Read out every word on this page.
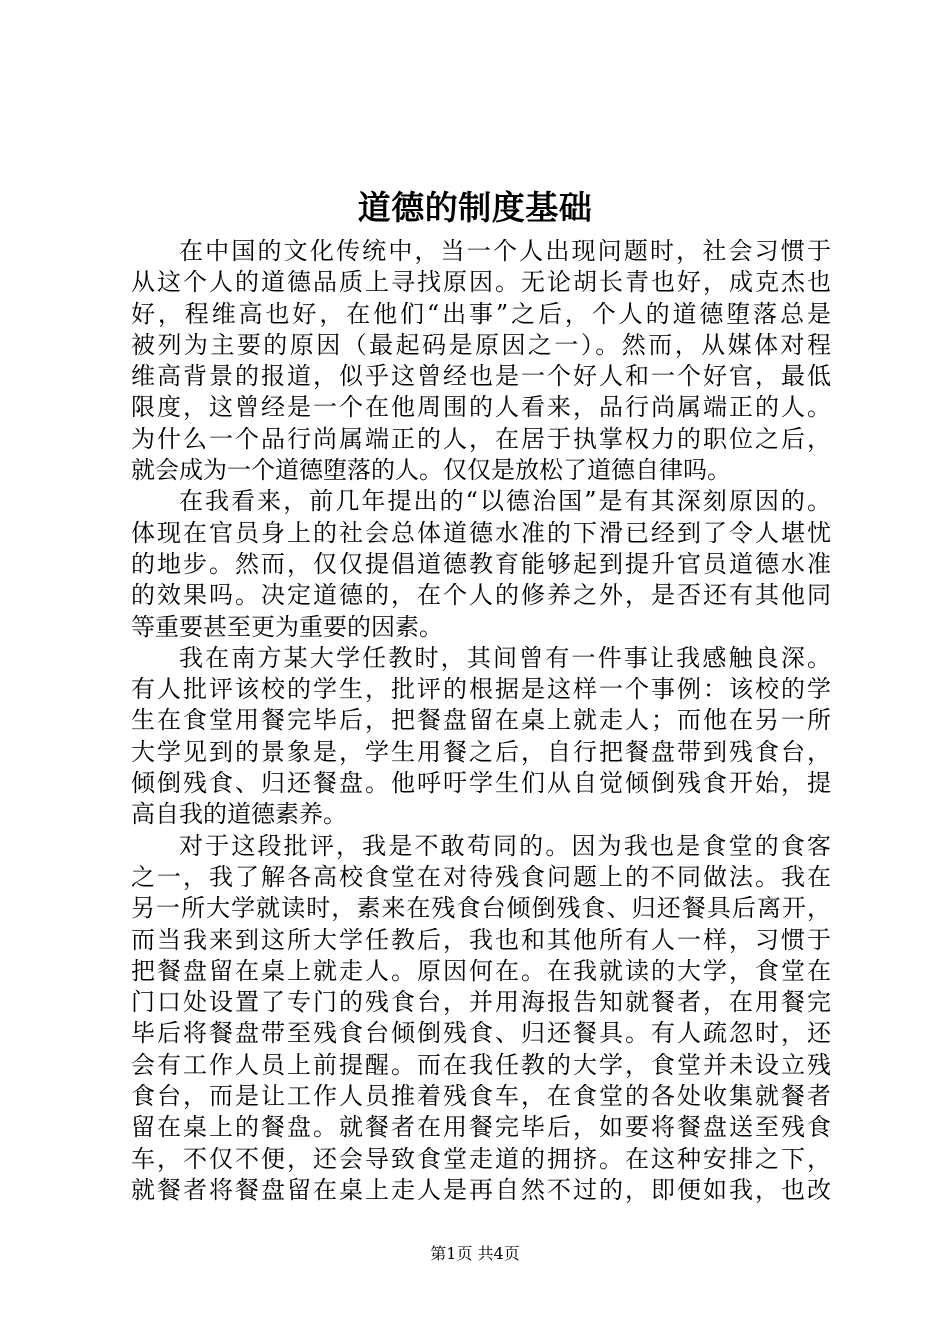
道德的制度基础
在中国的文化传统中，当一个人出现问题时，社会习惯于
从这个人的道德品质上寻找原因。无论胡长青也好，成克杰也
好，程维高也好，在他们“出事”之后，个人的道德堕落总是
被列为主要的原因（最起码是原因之一）。然而，从媒体对程
维高背景的报道，似乎这曾经也是一个好人和一个好官，最低
限度，这曾经是一个在他周围的人看来，品行尚属端正的人。
为什么一个品行尚属端正的人，在居于执掌权力的职位之后，
就会成为一个道德堕落的人。仅仅是放松了道德自律吗。
在我看来，前几年提出的“以德治国”是有其深刻原因的。
体现在官员身上的社会总体道德水准的下滑已经到了令人堪忧
的地步。然而，仅仅提倡道德教育能够起到提升官员道德水准
的效果吗。决定道德的，在个人的修养之外，是否还有其他同
等重要甚至更为重要的因素。
我在南方某大学任教时，其间曾有一件事让我感触良深。
有人批评该校的学生，批评的根据是这样一个事例：该校的学
生在食堂用餐完毕后，把餐盘留在桌上就走人；而他在另一所
大学见到的景象是，学生用餐之后，自行把餐盘带到残食台，
倾倒残食、归还餐盘。他呼吁学生们从自觉倾倒残食开始，提
高自我的道德素养。
对于这段批评，我是不敢苟同的。因为我也是食堂的食客
之一，我了解各高校食堂在对待残食问题上的不同做法。我在
另一所大学就读时，素来在残食台倾倒残食、归还餐具后离开，
而当我来到这所大学任教后，我也和其他所有人一样，习惯于
把餐盘留在桌上就走人。原因何在。在我就读的大学，食堂在
门口处设置了专门的残食台，并用海报告知就餐者，在用餐完
毕后将餐盘带至残食台倾倒残食、归还餐具。有人疏忽时，还
会有工作人员上前提醒。而在我任教的大学，食堂并未设立残
食台，而是让工作人员推着残食车，在食堂的各处收集就餐者
留在桌上的餐盘。就餐者在用餐完毕后，如要将餐盘送至残食
车，不仅不便，还会导致食堂走道的拥挤。在这种安排之下，
就餐者将餐盘留在桌上走人是再自然不过的，即便如我，也改
第1页 共4页
